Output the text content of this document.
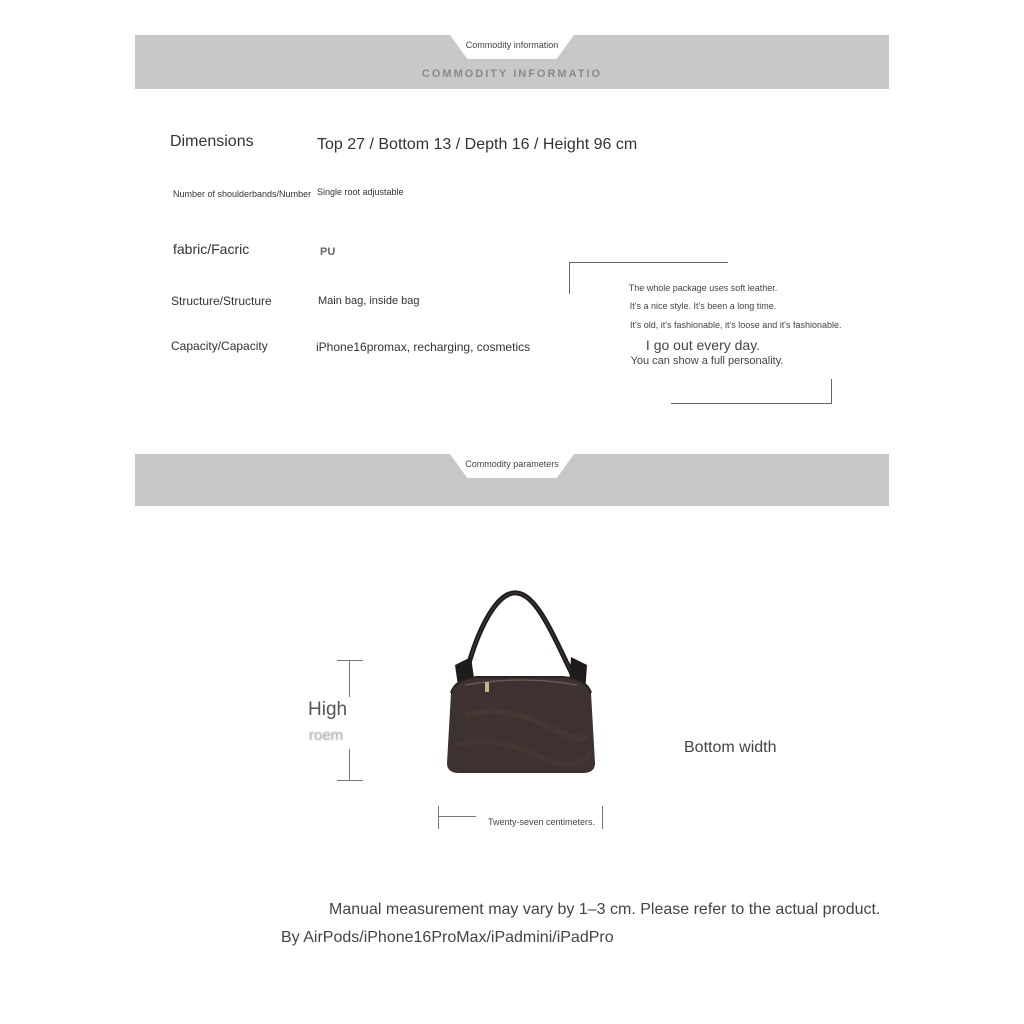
Commodity information
COMMODITY INFORMATIO
Dimensions	Top 27 / Bottom 13 / Depth 16 / Height 96 cm
Number of shoulderbands/Number Single root adjustable
fabric/Facric	PU
Structure/Structure	Main bag, inside bag
Capacity/Capacity	iPhone16promax, recharging, cosmetics
The whole package uses soft leather.
It's a nice style. It's been a long time.
It's old, it's fashionable, it's loose and it's fashionable.
I go out every day.
You can show a full personality.
Commodity parameters
High
roem
Twenty-seven centimeters.
Bottom width
Manual measurement may vary by 1–3 cm. Please refer to the actual product.
By AirPods/iPhone16ProMax/iPadmini/iPadPro
